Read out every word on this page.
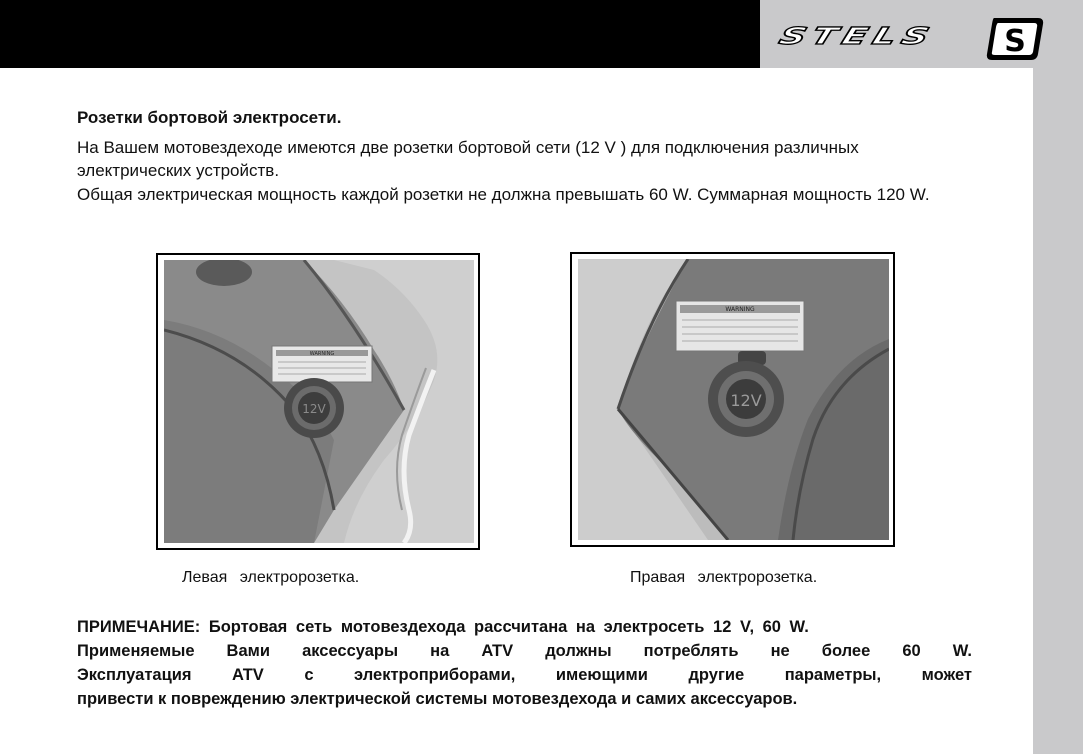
STELS	S
Розетки бортовой электросети.
На Вашем мотовездеходе имеются две розетки бортовой сети (12 V ) для подключения различных электрических устройств.
Общая электрическая мощность каждой розетки не должна превышать 60 W. Суммарная мощность 120 W.
WARNING
12V
WARNING
12V
Левая электророзетка.	Правая электророзетка.
ПРИМЕЧАНИЕ: Бортовая сеть мотовездехода рассчитана на электросеть 12 V, 60 W.
Применяемые Вами аксессуары на ATV должны потреблять не более 60 W.
Эксплуатация ATV с электроприборами, имеющими другие параметры, может
привести к повреждению электрической системы мотовездехода и самих аксессуаров.
